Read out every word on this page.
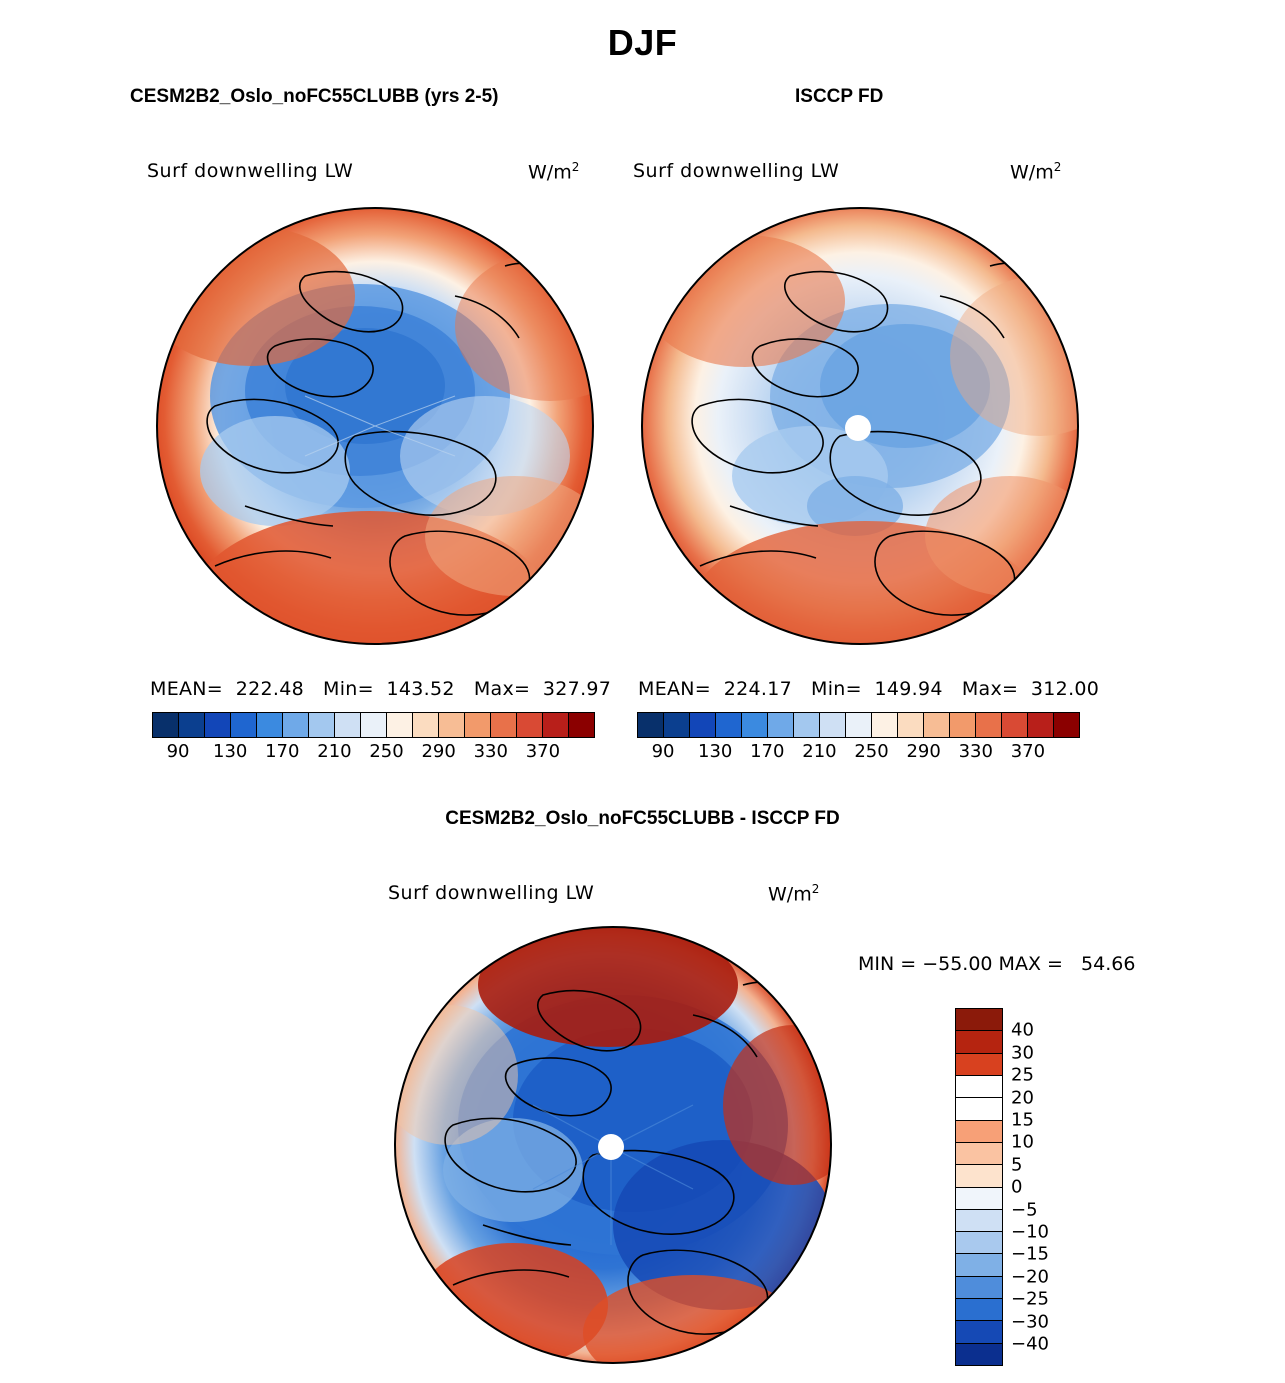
DJF
CESM2B2_Oslo_noFC55CLUBB (yrs 2-5)
Surf downwelling LW	$W/m^2$
MEAN=  222.48   Min=  143.52   Max=  327.97
90 130 170 210 250 290 330 370
ISCCP FD
Surf downwelling LW	$W/m^2$
MEAN=  224.17   Min=  149.94   Max=  312.00
90 130 170 210 250 290 330 370
CESM2B2_Oslo_noFC55CLUBB - ISCCP FD
Surf downwelling LW	$W/m^2$
MIN = −55.00 MAX =   54.66
40
30
25
20
15
10
5
0
−5
−10
−15
−20
−25
−30
−40
